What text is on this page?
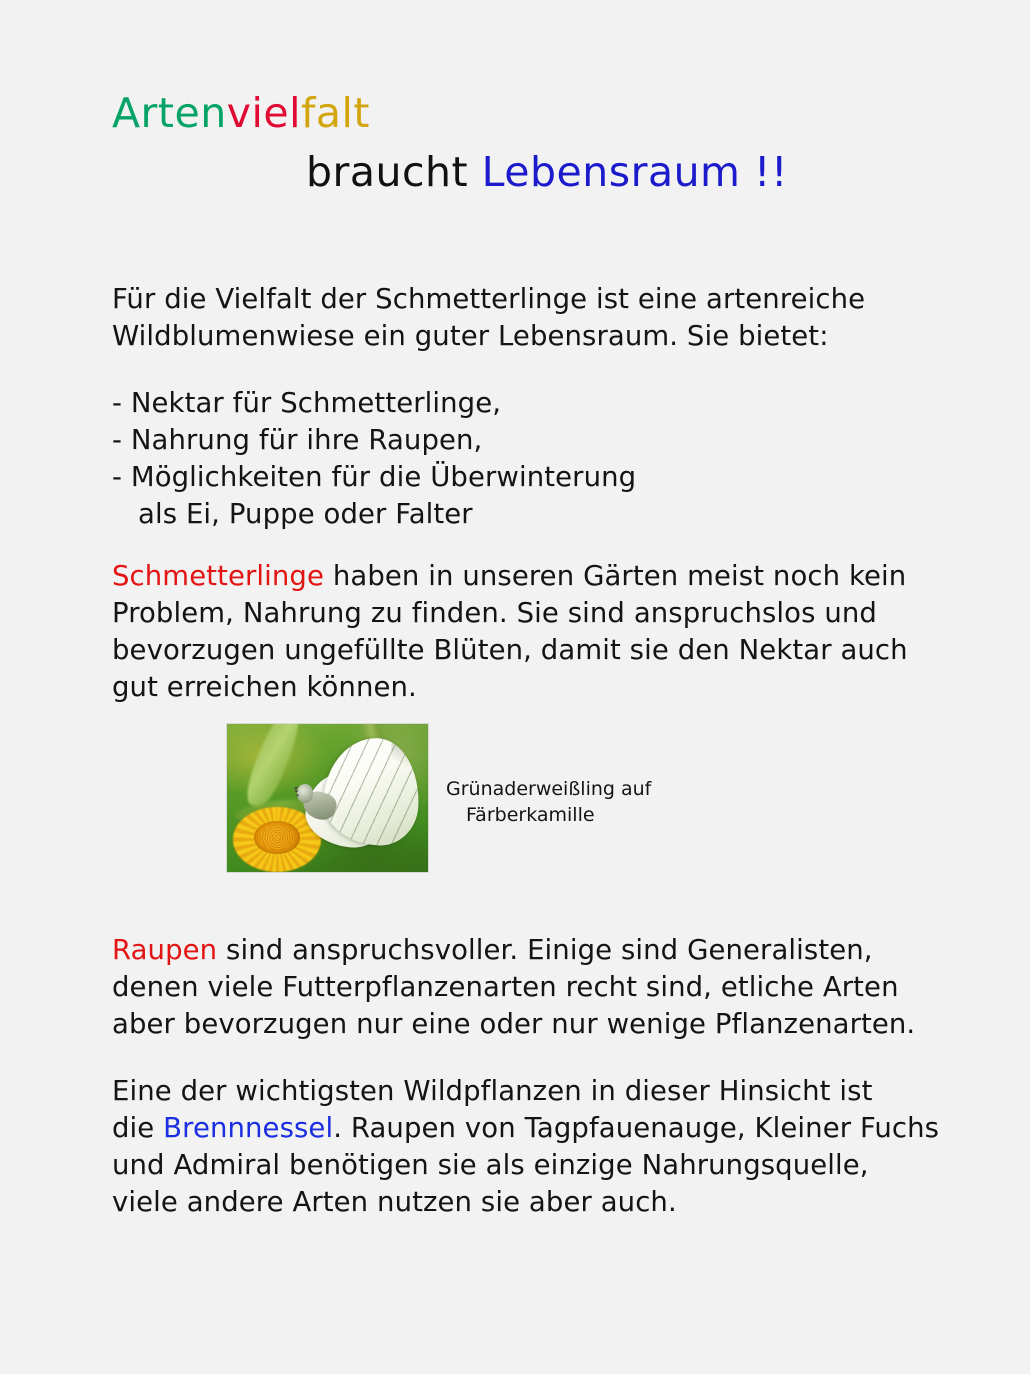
Artenvielfalt
braucht Lebensraum !!
Für die Vielfalt der Schmetterlinge ist eine artenreiche
Wildblumenwiese ein guter Lebensraum. Sie bietet:
- Nektar für Schmetterlinge,
- Nahrung für ihre Raupen,
- Möglichkeiten für die Überwinterung
als Ei, Puppe oder Falter
Schmetterlinge haben in unseren Gärten meist noch kein
Problem, Nahrung zu finden. Sie sind anspruchslos und
bevorzugen ungefüllte Blüten, damit sie den Nektar auch
gut erreichen können.
Grünaderweißling auf
Färberkamille
Raupen sind anspruchsvoller. Einige sind Generalisten,
denen viele Futterpflanzenarten recht sind, etliche Arten
aber bevorzugen nur eine oder nur wenige Pflanzenarten.
Eine der wichtigsten Wildpflanzen in dieser Hinsicht ist
die Brennnessel. Raupen von Tagpfauenauge, Kleiner Fuchs
und Admiral benötigen sie als einzige Nahrungsquelle,
viele andere Arten nutzen sie aber auch.
